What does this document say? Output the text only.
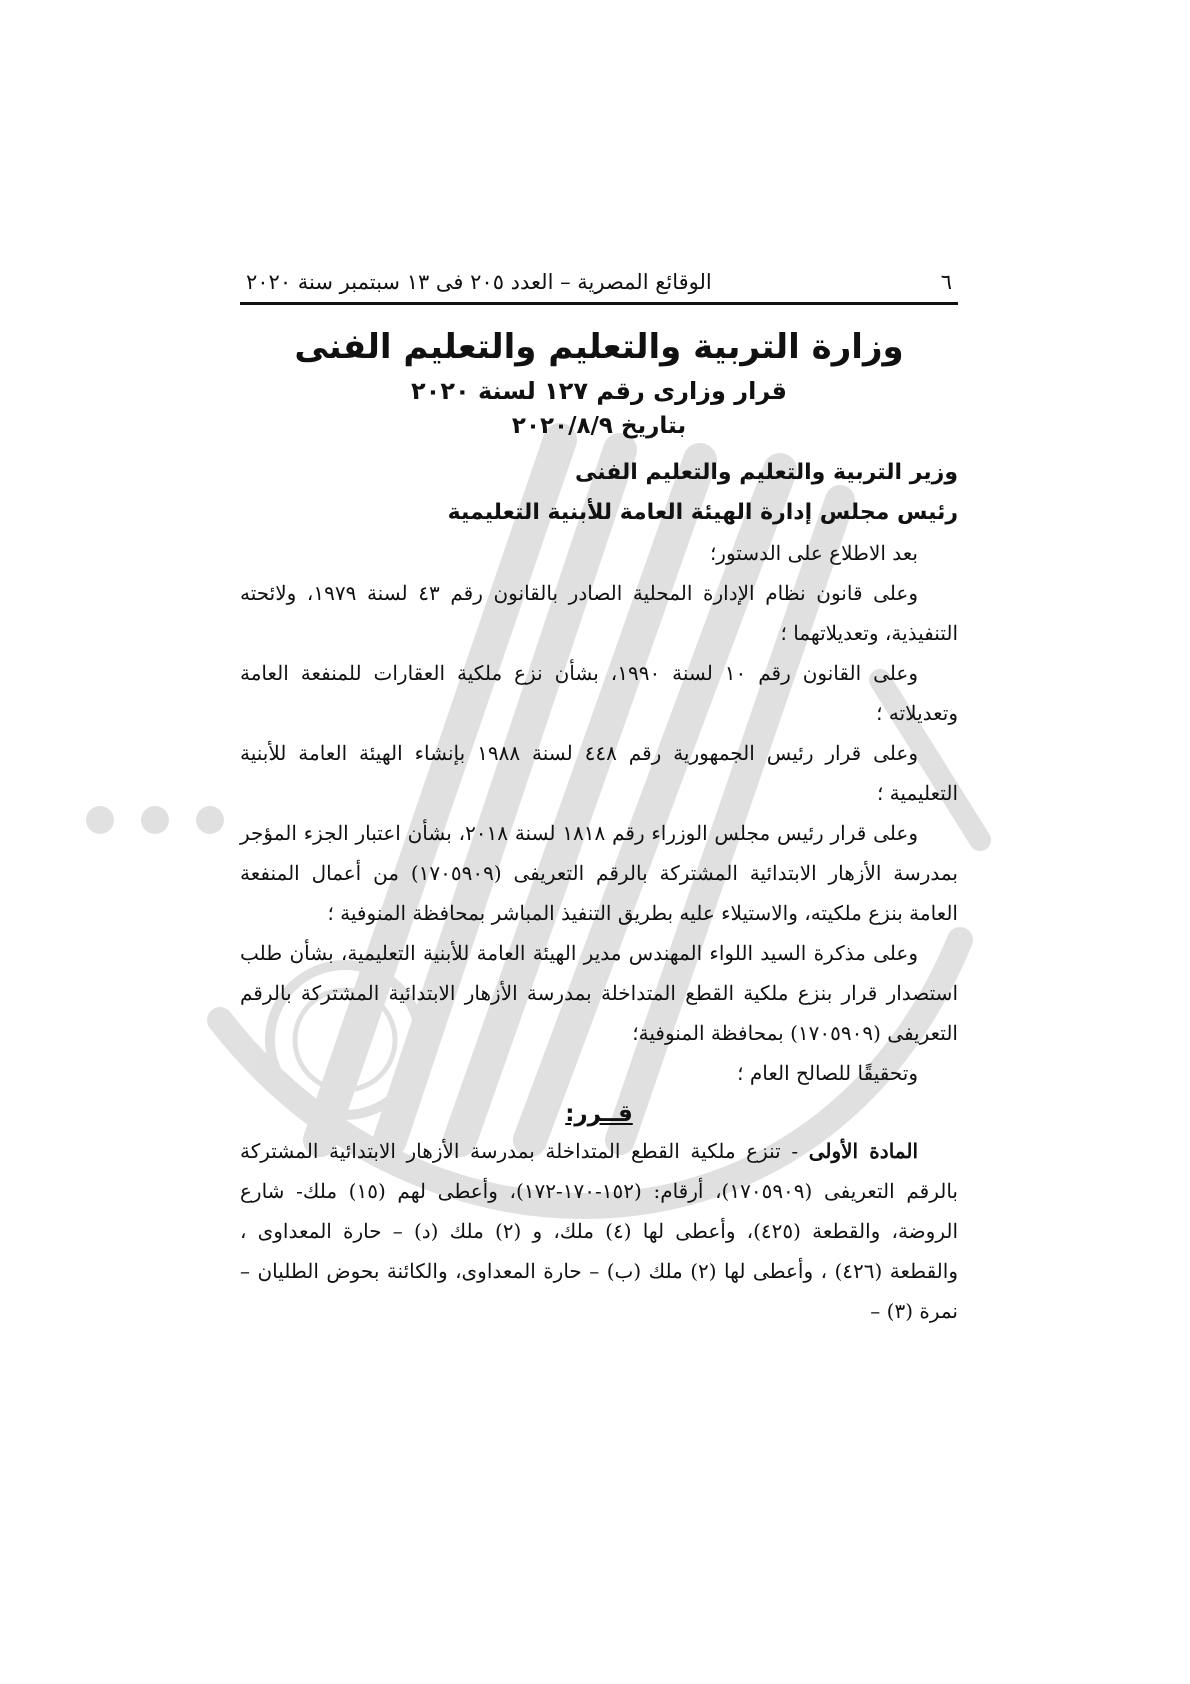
٦
الوقائع المصرية – العدد ٢٠٥ فى ١٣ سبتمبر سنة ٢٠٢٠
وزارة التربية والتعليم والتعليم الفنى
قرار وزارى رقم ١٢٧ لسنة ٢٠٢٠
بتاريخ ٢٠٢٠/٨/٩
وزير التربية والتعليم والتعليم الفنى
رئيس مجلس إدارة الهيئة العامة للأبنية التعليمية

بعد الاطلاع على الدستور؛

وعلى قانون نظام الإدارة المحلية الصادر بالقانون رقم ٤٣ لسنة ١٩٧٩، ولائحته التنفيذية، وتعديلاتهما ؛

وعلى القانون رقم ١٠ لسنة ١٩٩٠، بشأن نزع ملكية العقارات للمنفعة العامة وتعديلاته ؛

وعلى قرار رئيس الجمهورية رقم ٤٤٨ لسنة ١٩٨٨ بإنشاء الهيئة العامة للأبنية التعليمية ؛

وعلى قرار رئيس مجلس الوزراء رقم ١٨١٨ لسنة ٢٠١٨، بشأن اعتبار الجزء المؤجر بمدرسة الأزهار الابتدائية المشتركة بالرقم التعريفى (١٧٠٥٩٠٩) من أعمال المنفعة العامة بنزع ملكيته، والاستيلاء عليه بطريق التنفيذ المباشر بمحافظة المنوفية ؛

وعلى مذكرة السيد اللواء المهندس مدير الهيئة العامة للأبنية التعليمية، بشأن طلب استصدار قرار بنزع ملكية القطع المتداخلة بمدرسة الأزهار الابتدائية المشتركة بالرقم التعريفى (١٧٠٥٩٠٩) بمحافظة المنوفية؛

وتحقيقًا للصالح العام ؛

قــرر:

المادة الأولى - تنزع ملكية القطع المتداخلة بمدرسة الأزهار الابتدائية المشتركة بالرقم التعريفى (١٧٠٥٩٠٩)، أرقام: (١٥٢-١٧٠-١٧٢)، وأعطى لهم (١٥) ملك- شارع الروضة، والقطعة (٤٢٥)، وأعطى لها (٤) ملك، و (٢) ملك (د) – حارة المعداوى ، والقطعة (٤٢٦) ، وأعطى لها (٢) ملك (ب) – حارة المعداوى، والكائنة بحوض الطليان – نمرة (٣) –
